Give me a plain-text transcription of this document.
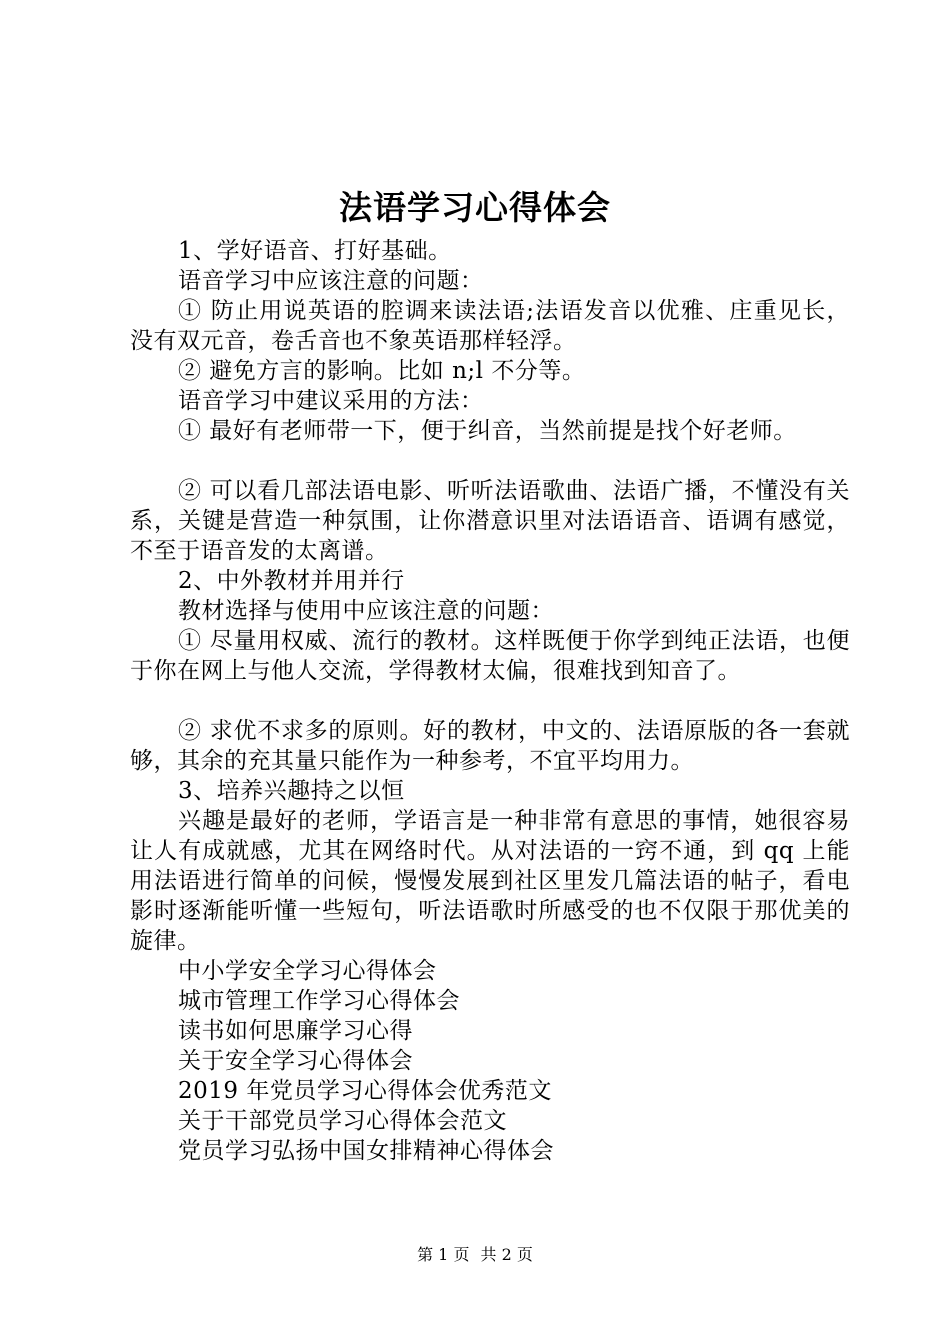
法语学习心得体会

1、学好语音、打好基础。

语音学习中应该注意的问题：

① 防止用说英语的腔调来读法语;法语发音以优雅、庄重见长，没有双元音，卷舌音也不象英语那样轻浮。

② 避免方言的影响。比如 n;l 不分等。

语音学习中建议采用的方法：

① 最好有老师带一下，便于纠音，当然前提是找个好老师。

② 可以看几部法语电影、听听法语歌曲、法语广播，不懂没有关系，关键是营造一种氛围，让你潜意识里对法语语音、语调有感觉，不至于语音发的太离谱。

2、中外教材并用并行

教材选择与使用中应该注意的问题：

① 尽量用权威、流行的教材。这样既便于你学到纯正法语，也便于你在网上与他人交流，学得教材太偏，很难找到知音了。

② 求优不求多的原则。好的教材，中文的、法语原版的各一套就够，其余的充其量只能作为一种参考，不宜平均用力。

3、培养兴趣持之以恒

兴趣是最好的老师，学语言是一种非常有意思的事情，她很容易让人有成就感，尤其在网络时代。从对法语的一窍不通，到 qq 上能用法语进行简单的问候，慢慢发展到社区里发几篇法语的帖子，看电影时逐渐能听懂一些短句，听法语歌时所感受的也不仅限于那优美的旋律。

中小学安全学习心得体会

城市管理工作学习心得体会

读书如何思廉学习心得

关于安全学习心得体会

2019 年党员学习心得体会优秀范文

关于干部党员学习心得体会范文

党员学习弘扬中国女排精神心得体会

第 1 页 共 2 页
